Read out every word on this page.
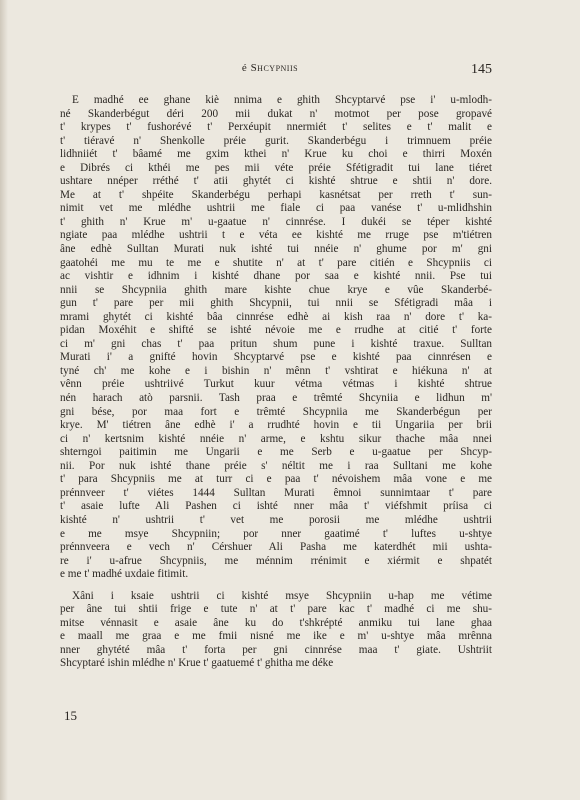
é Shcypniis	145
E madhé ee ghane kiè nnima e ghith Shcyptarvé pse i' u-mlodh-
né Skanderbégut déri 200 mii dukat n' motmot per pose gropavé
t' krypes t' fushorévé t' Perxéupit nnermiét t' selites e t' malit e
t' tiéravé n' Shenkolle préie gurit. Skanderbégu i trimnuem préie
lidhniiét t' bâamé me gxim kthei n' Krue ku choi e thirri Moxén
e Dibrés ci kthéi me pes mii véte préie Sfétigradit tui lane tiéret
ushtare nnéper rréthé t' atii ghytét ci kishté shtrue e shtii n' dore.
Me at t' shpéite Skanderbégu perhapi kasnétsat per rreth t' sun-
nimit vet me mlédhe ushtrii me fiale ci paa vanése t' u-mlidhshin
t' ghith n' Krue m' u-gaatue n' cinnrése. I dukéi se téper kishté
ngiate paa mlédhe ushtrii t e véta ee kishté me rruge pse m'tiétren
âne edhè Sulltan Murati nuk ishté tui nnéie n' ghume por m' gni
gaatohéi me mu te me e shutite n' at t' pare citién e Shcypniis ci
ac vishtir e idhnim i kishté dhane por saa e kishté nnii. Pse tui
nnii se Shcypniia ghith mare kishte chue krye e vûe Skanderbé-
gun t' pare per mii ghith Shcypnii, tui nnii se Sfétigradi mâa i
mrami ghytét ci kishté bâa cinnrése edhè ai kish raa n' dore t' ka-
pidan Moxéhit e shifté se ishté névoie me e rrudhe at citié t' forte
ci m' gni chas t' paa pritun shum pune i kishté traxue. Sulltan
Murati i' a gnifté hovin Shcyptarvé pse e kishté paa cinnrésen e
tyné ch' me kohe e i bishin n' mênn t' vshtirat e hiékuna n' at
vênn préie ushtriivé Turkut kuur vétma vétmas i kishté shtrue
nén harach atò parsnii. Tash praa e trêmté Shcyniia e lidhun m'
gni bése, por maa fort e trêmté Shcypniia me Skanderbégun per
krye. M' tiétren âne edhè i' a rrudhté hovin e tii Ungariia per brii
ci n' kertsnim kishté nnéie n' arme, e kshtu sikur thache mâa nnei
shterngoi paitimin me Ungarii e me Serb e u-gaatue per Shcyp-
nii. Por nuk ishté thane préie s' néltit me i raa Sulltani me kohe
t' para Shcypniis me at turr ci e paa t' névoishem mâa vone e me
prénnveer t' viétes 1444 Sulltan Murati êmnoi sunnimtaar t' pare
t' asaie lufte Ali Pashen ci ishté nner mâa t' viéfshmit príisa ci
kishté n' ushtrii t' vet me porosii me mlédhe ushtrii
e me msye Shcypniin; por nner gaatimé t' luftes u-shtye
prénnveera e vech n' Cérshuer Ali Pasha me katerdhét mii ushta-
re i' u-afrue Shcypniis, me ménnim rrénimit e xiérmit e shpatét
e me t' madhé uxdaie fitimit.
Xâni i ksaie ushtrii ci kishté msye Shcypniin u-hap me vétime
per âne tui shtii frige e tute n' at t' pare kac t' madhé ci me shu-
mitse vénnasit e asaie âne ku do t'shkrépté anmiku tui lane ghaa
e maall me graa e me fmii nisné me ike e m' u-shtye mâa mrênna
nner ghytété mâa t' forta per gni cinnrése maa t' giate. Ushtriit
Shcyptaré ishin mlédhe n' Krue t' gaatuemé t' ghitha me déke
15
